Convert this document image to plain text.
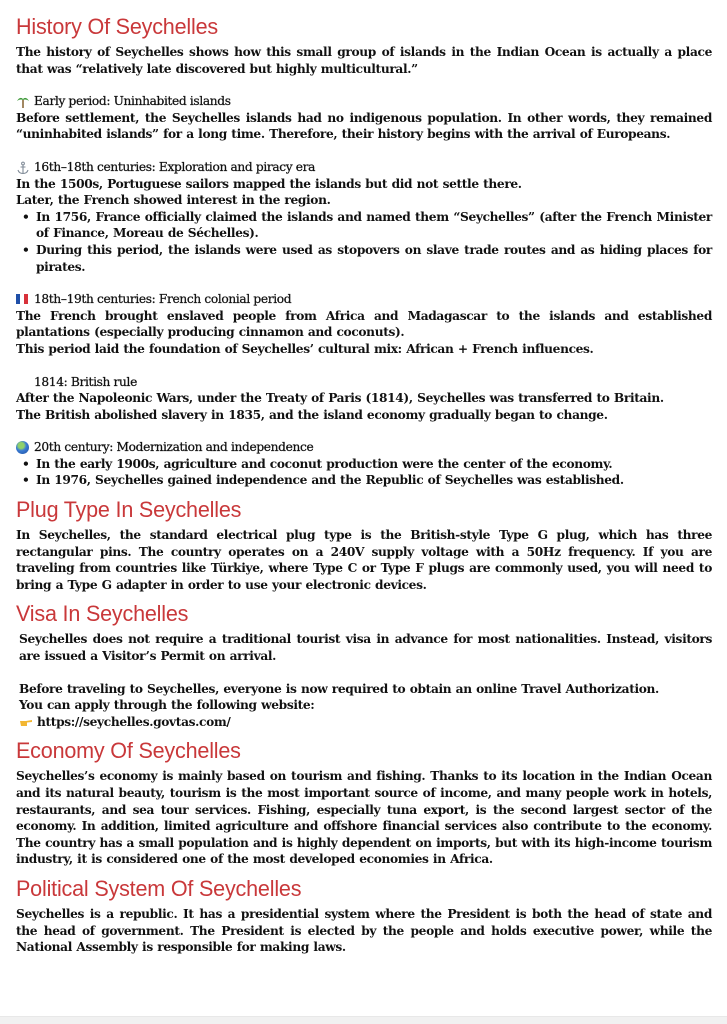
History Of Seychelles

The history of Seychelles shows how this small group of islands in the Indian Ocean is actually a place that was “relatively late discovered but highly multicultural.”

Early period: Uninhabited islands

Before settlement, the Seychelles islands had no indigenous population. In other words, they remained “uninhabited islands” for a long time. Therefore, their history begins with the arrival of Europeans.

16th–18th centuries: Exploration and piracy era

In the 1500s, Portuguese sailors mapped the islands but did not settle there.

Later, the French showed interest in the region.

• In 1756, France officially claimed the islands and named them “Seychelles” (after the French Minister of Finance, Moreau de Séchelles).
• During this period, the islands were used as stopovers on slave trade routes and as hiding places for pirates.
18th–19th centuries: French colonial period

The French brought enslaved people from Africa and Madagascar to the islands and established plantations (especially producing cinnamon and coconuts).

This period laid the foundation of Seychelles’ cultural mix: African + French influences.

1814: British rule

After the Napoleonic Wars, under the Treaty of Paris (1814), Seychelles was transferred to Britain.

The British abolished slavery in 1835, and the island economy gradually began to change.

20th century: Modernization and independence
• In the early 1900s, agriculture and coconut production were the center of the economy.
• In 1976, Seychelles gained independence and the Republic of Seychelles was established.
Plug Type In Seychelles

In Seychelles, the standard electrical plug type is the British-style Type G plug, which has three rectangular pins. The country operates on a 240V supply voltage with a 50Hz frequency. If you are traveling from countries like Türkiye, where Type C or Type F plugs are commonly used, you will need to bring a Type G adapter in order to use your electronic devices.

Visa In Seychelles

Seychelles does not require a traditional tourist visa in advance for most nationalities. Instead, visitors are issued a Visitor’s Permit on arrival.

Before traveling to Seychelles, everyone is now required to obtain an online Travel Authorization.

You can apply through the following website:

https://seychelles.govtas.com/
Economy Of Seychelles

Seychelles’s economy is mainly based on tourism and fishing. Thanks to its location in the Indian Ocean and its natural beauty, tourism is the most important source of income, and many people work in hotels, restaurants, and sea tour services. Fishing, especially tuna export, is the second largest sector of the economy. In addition, limited agriculture and offshore financial services also contribute to the economy. The country has a small population and is highly dependent on imports, but with its high-income tourism industry, it is considered one of the most developed economies in Africa.

Political System Of Seychelles

Seychelles is a republic. It has a presidential system where the President is both the head of state and the head of government. The President is elected by the people and holds executive power, while the National Assembly is responsible for making laws.
